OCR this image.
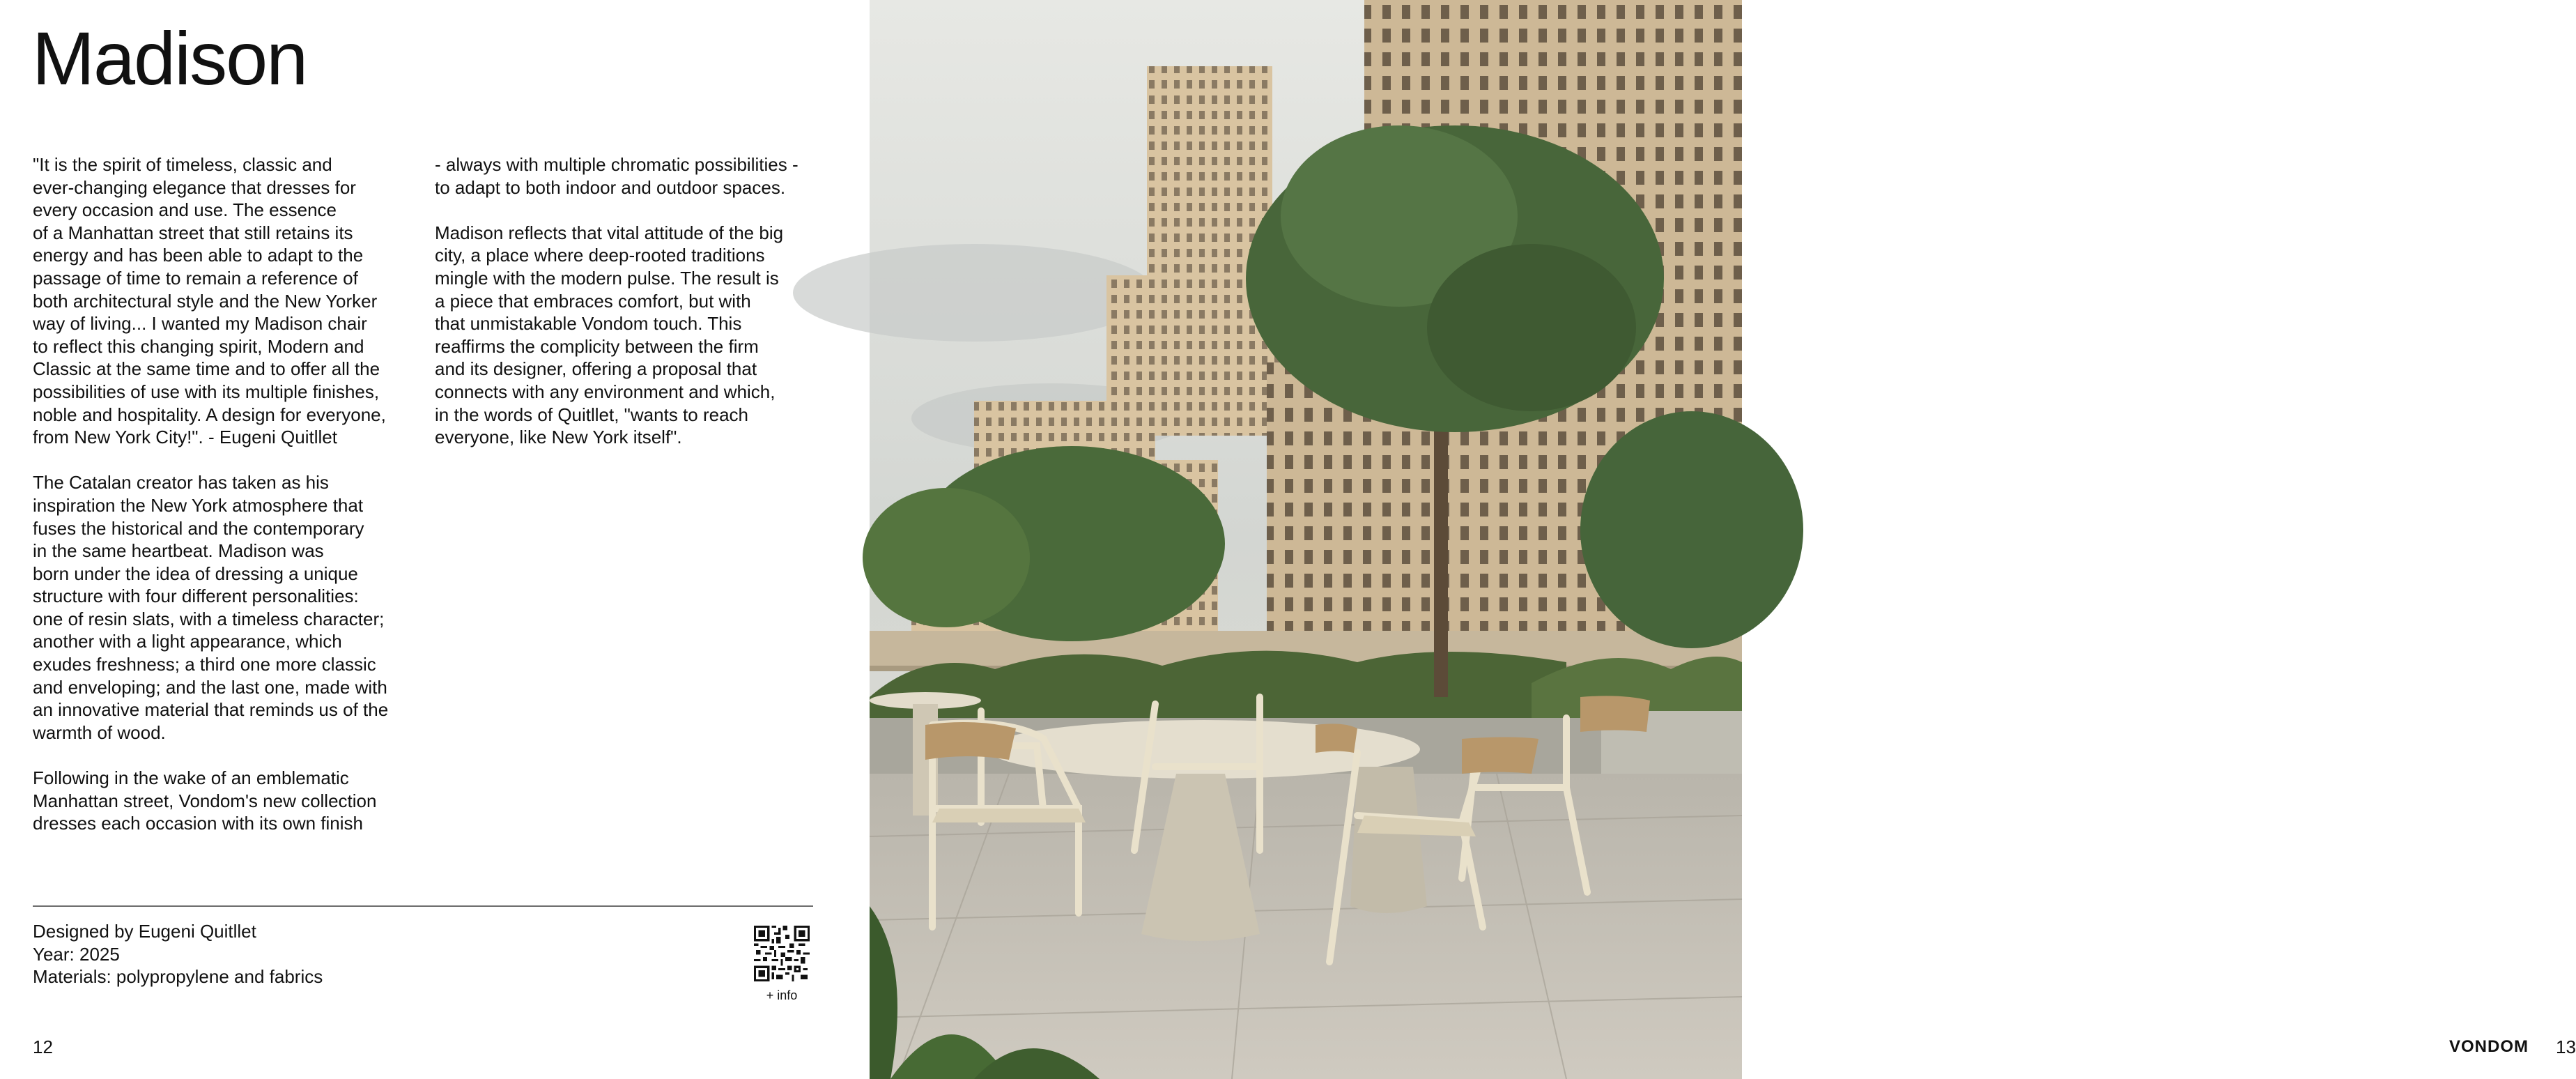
Madison

"It is the spirit of timeless, classic and
ever-changing elegance that dresses for
every occasion and use. The essence
of a Manhattan street that still retains its
energy and has been able to adapt to the
passage of time to remain a reference of
both architectural style and the New Yorker
way of living... I wanted my Madison chair
to reflect this changing spirit, Modern and
Classic at the same time and to offer all the
possibilities of use with its multiple finishes,
noble and hospitality. A design for everyone,
from New York City!". - Eugeni Quitllet

The Catalan creator has taken as his
inspiration the New York atmosphere that
fuses the historical and the contemporary
in the same heartbeat. Madison was
born under the idea of dressing a unique
structure with four different personalities:
one of resin slats, with a timeless character;
another with a light appearance, which
exudes freshness; a third one more classic
and enveloping; and the last one, made with
an innovative material that reminds us of the
warmth of wood.

Following in the wake of an emblematic
Manhattan street, Vondom's new collection
dresses each occasion with its own finish

- always with multiple chromatic possibilities -
to adapt to both indoor and outdoor spaces.

Madison reflects that vital attitude of the big
city, a place where deep-rooted traditions
mingle with the modern pulse. The result is
a piece that embraces comfort, but with
that unmistakable Vondom touch. This
reaffirms the complicity between the firm
and its designer, offering a proposal that
connects with any environment and which,
in the words of Quitllet, "wants to reach
everyone, like New York itself".

Designed by Eugeni Quitllet
Year: 2025
Materials: polypropylene and fabrics
+ info
12	VONDOM 13
